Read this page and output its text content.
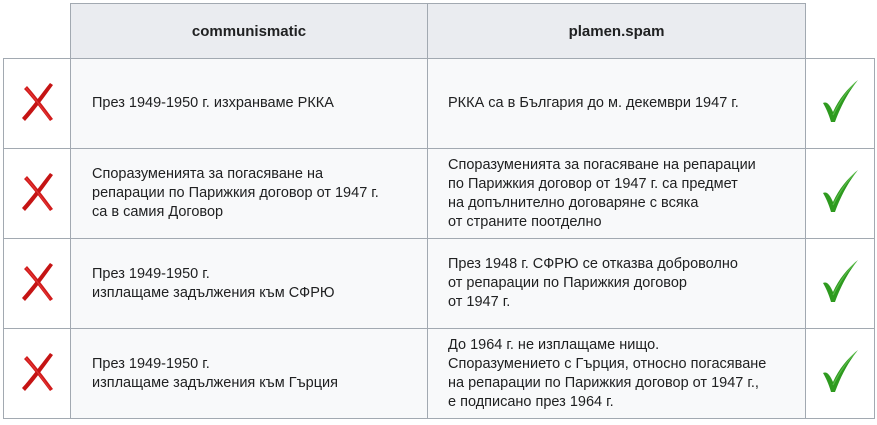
	communismatic	plamen.spam	

През 1949-1950 г. изхранваме РККА	РККА са в България до м. декември 1947 г.

Споразуменията за погасяване на
репарации по Парижкия договор от 1947 г.
са в самия Договор	Споразуменията за погасяване на репарации
по Парижкия договор от 1947 г. са предмет
на допълнително договаряне с всяка
от страните поотделно

През 1949-1950 г.
изплащаме задължения към СФРЮ	През 1948 г. СФРЮ се отказва доброволно
от репарации по Парижкия договор
от 1947 г.

През 1949-1950 г.
изплащаме задължения към Гърция	До 1964 г. не изплащаме нищо.
Споразумението с Гърция, относно погасяване
на репарации по Парижкия договор от 1947 г.,
е подписано през 1964 г.
